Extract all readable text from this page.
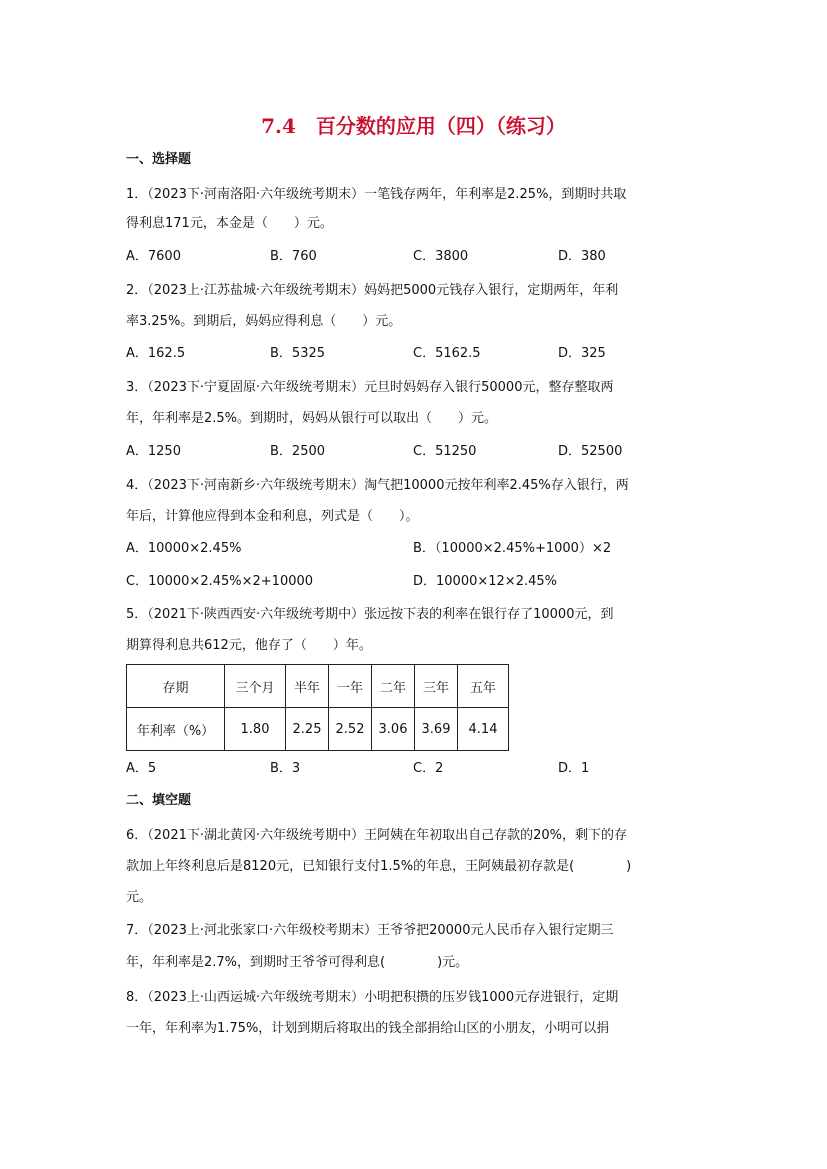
7.4　百分数的应用（四）（练习）
一、选择题
1．（2023下·河南洛阳·六年级统考期末）一笔钱存两年，年利率是2.25%，到期时共取
得利息171元，本金是（　　）元。
A．7600	B．760	C．3800	D．380
2．（2023上·江苏盐城·六年级统考期末）妈妈把5000元钱存入银行，定期两年，年利
率3.25%。到期后，妈妈应得利息（　　）元。
A．162.5	B．5325	C．5162.5	D．325
3．（2023下·宁夏固原·六年级统考期末）元旦时妈妈存入银行50000元，整存整取两
年，年利率是2.5%。到期时，妈妈从银行可以取出（　　）元。
A．1250	B．2500	C．51250	D．52500
4．（2023下·河南新乡·六年级统考期末）淘气把10000元按年利率2.45%存入银行，两
年后，计算他应得到本金和利息，列式是（　　）。
A．10000×2.45%	B．（10000×2.45%+1000）×2
C．10000×2.45%×2+10000	D．10000×12×2.45%
5．（2021下·陕西西安·六年级统考期中）张远按下表的利率在银行存了10000元，到
期算得利息共612元，他存了（　　）年。
存期	三个月	半年	一年	二年	三年	五年
年利率（%）	1.80	2.25	2.52	3.06	3.69	4.14
A．5	B．3	C．2	D．1
二、填空题
6．（2021下·湖北黄冈·六年级统考期中）王阿姨在年初取出自己存款的20%，剩下的存
款加上年终利息后是8120元，已知银行支付1.5%的年息，王阿姨最初存款是(　　　　)
元。
7．（2023上·河北张家口·六年级校考期末）王爷爷把20000元人民币存入银行定期三
年，年利率是2.7%，到期时王爷爷可得利息(　　　　)元。
8．（2023上·山西运城·六年级统考期末）小明把积攒的压岁钱1000元存进银行，定期
一年，年利率为1.75%，计划到期后将取出的钱全部捐给山区的小朋友，小明可以捐
